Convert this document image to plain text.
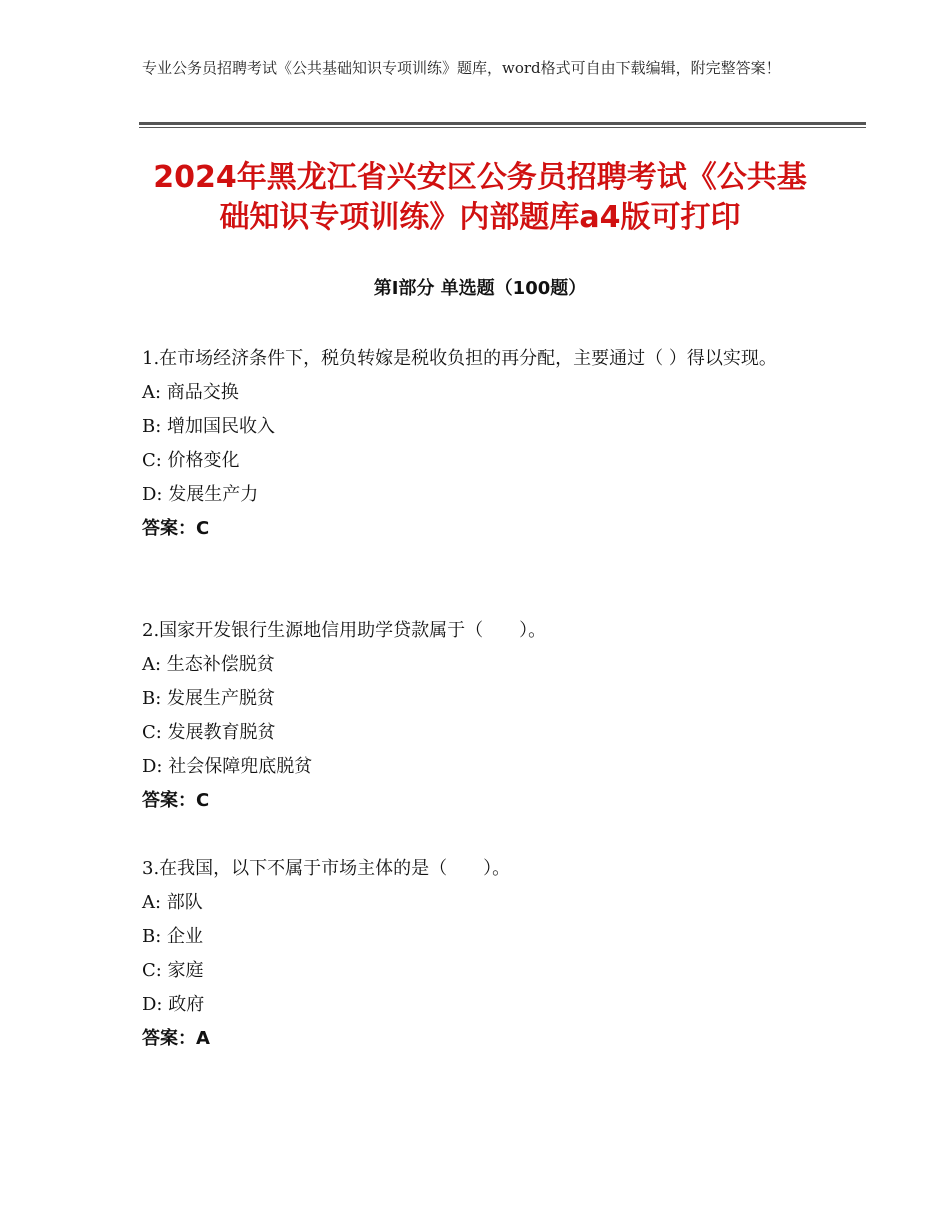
专业公务员招聘考试《公共基础知识专项训练》题库，word格式可自由下载编辑，附完整答案！
2024年黑龙江省兴安区公务员招聘考试《公共基础知识专项训练》内部题库a4版可打印
第Ⅰ部分 单选题（100题）

1.在市场经济条件下，税负转嫁是税收负担的再分配，主要通过（ ）得以实现。

A: 商品交换

B: 增加国民收入

C: 价格变化

D: 发展生产力

答案：C

2.国家开发银行生源地信用助学贷款属于（　　）。

A: 生态补偿脱贫

B: 发展生产脱贫

C: 发展教育脱贫

D: 社会保障兜底脱贫

答案：C

3.在我国，以下不属于市场主体的是（　　）。

A: 部队

B: 企业

C: 家庭

D: 政府

答案：A
